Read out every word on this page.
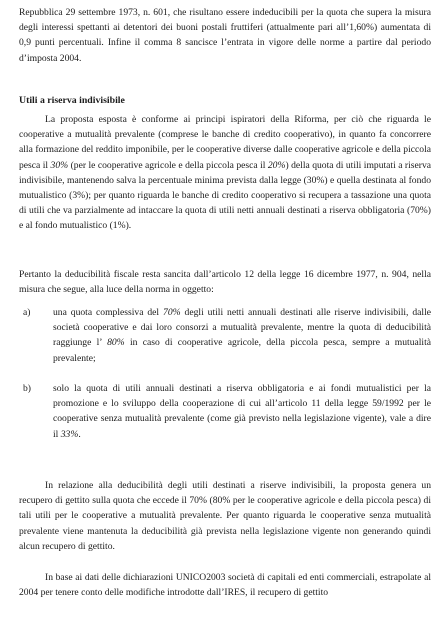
Repubblica 29 settembre 1973, n. 601, che risultano essere indeducibili per la quota che supera la misura degli interessi spettanti ai detentori dei buoni postali fruttiferi (attualmente pari all’1,60%) aumentata di 0,9 punti percentuali. Infine il comma 8 sancisce l’entrata in vigore delle norme a partire dal periodo d’imposta 2004.

Utili a riserva indivisibile

La proposta esposta è conforme ai principi ispiratori della Riforma, per ciò che riguarda le cooperative a mutualità prevalente (comprese le banche di credito cooperativo), in quanto fa concorrere alla formazione del reddito imponibile, per le cooperative diverse dalle cooperative agricole e della piccola pesca il 30% (per le cooperative agricole e della piccola pesca il 20%) della quota di utili imputati a riserva indivisibile, mantenendo salva la percentuale minima prevista dalla legge (30%) e quella destinata al fondo mutualistico (3%); per quanto riguarda le banche di credito cooperativo si recupera a tassazione una quota di utili che va parzialmente ad intaccare la quota di utili netti annuali destinati a riserva obbligatoria (70%) e al fondo mutualistico (1%).

Pertanto la deducibilità fiscale resta sancita dall’articolo 12 della legge 16 dicembre 1977, n. 904, nella misura che segue, alla luce della norma in oggetto:

a) una quota complessiva del 70% degli utili netti annuali destinati alle riserve indivisibili, dalle società cooperative e dai loro consorzi a mutualità prevalente, mentre la quota di deducibilità raggiunge l’ 80% in caso di cooperative agricole, della piccola pesca, sempre a mutualità prevalente;

b) solo la quota di utili annuali destinati a riserva obbligatoria e ai fondi mutualistici per la promozione e lo sviluppo della cooperazione di cui all’articolo 11 della legge 59/1992 per le cooperative senza mutualità prevalente (come già previsto nella legislazione vigente), vale a dire il 33%.

In relazione alla deducibilità degli utili destinati a riserve indivisibili, la proposta genera un recupero di gettito sulla quota che eccede il 70% (80% per le cooperative agricole e della piccola pesca) di tali utili per le cooperative a mutualità prevalente. Per quanto riguarda le cooperative senza mutualità prevalente viene mantenuta la deducibilità già prevista nella legislazione vigente non generando quindi alcun recupero di gettito.

In base ai dati delle dichiarazioni UNICO2003 società di capitali ed enti commerciali, estrapolate al 2004 per tenere conto delle modifiche introdotte dall’IRES, il recupero di gettito
